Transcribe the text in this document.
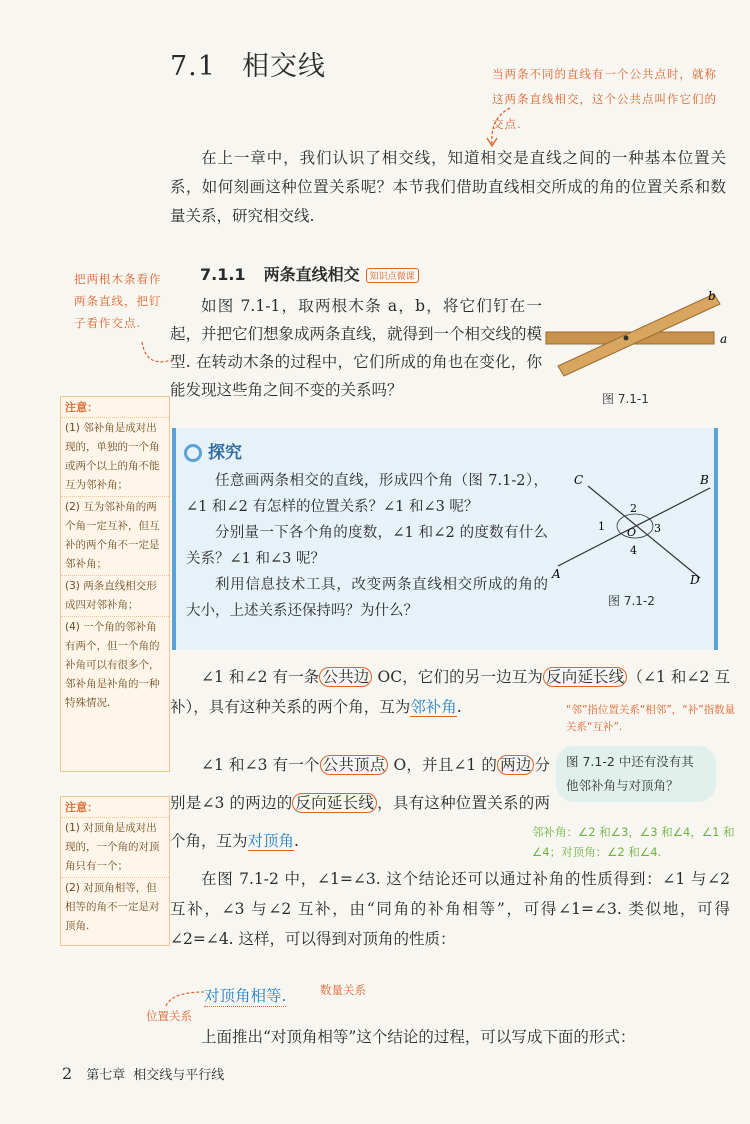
7.1 相交线	当两条不同的直线有一个公共点时，就称这两条直线相交，这个公共点叫作它们的交点.
在上一章中，我们认识了相交线，知道相交是直线之间的一种基本位置关系，如何刻画这种位置关系呢？本节我们借助直线相交所成的角的位置关系和数量关系，研究相交线.
7.1.1 两条直线相交 知识点微课
把两根木条看作两条直线，把钉子看作交点.
如图 7.1-1，取两根木条 a，b，将它们钉在一起，并把它们想象成两条直线，就得到一个相交线的模型. 在转动木条的过程中，它们所成的角也在变化，你能发现这些角之间不变的关系吗？
a
b
图 7.1-1
注意：
(1) 邻补角是成对出现的，单独的一个角或两个以上的角不能互为邻补角；
(2) 互为邻补角的两个角一定互补，但互补的两个角不一定是邻补角；
(3) 两条直线相交形成四对邻补角；
(4) 一个角的邻补角有两个，但一个角的补角可以有很多个，邻补角是补角的一种特殊情况.
注意：
(1) 对顶角是成对出现的，一个角的对顶角只有一个；
(2) 对顶角相等，但相等的角不一定是对顶角.
探究
任意画两条相交的直线，形成四个角（图 7.1-2），∠1 和∠2 有怎样的位置关系？∠1 和∠3 呢？
分别量一下各个角的度数，∠1 和∠2 的度数有什么关系？∠1 和∠3 呢？
利用信息技术工具，改变两条直线相交所成的角的大小，上述关系还保持吗？为什么？
A
B
C
D
O
1
2
3
4
图 7.1-2
∠1 和∠2 有一条 公共边 OC，它们的另一边互为 反向延长线 （∠1 和∠2 互补），具有这种关系的两个角，互为邻补角.	“邻”指位置关系“相邻”，“补”指数量关系“互补”.
∠1 和∠3 有一个 公共顶点 O，并且∠1 的 两边 分别是∠3 的两边的 反向延长线 ，具有这种位置关系的两个角，互为对顶角.
图 7.1-2 中还有没有其他邻补角与对顶角？
邻补角：∠2 和∠3，∠3 和∠4，∠1 和∠4；对顶角：∠2 和∠4.
在图 7.1-2 中，∠1=∠3. 这个结论还可以通过补角的性质得到：∠1 与∠2 互补，∠3 与∠2 互补，由“同角的补角相等”，可得∠1=∠3. 类似地，可得∠2=∠4. 这样，可以得到对顶角的性质：
对顶角相等.	数量关系
位置关系
上面推出“对顶角相等”这个结论的过程，可以写成下面的形式：
2 第七章 相交线与平行线
